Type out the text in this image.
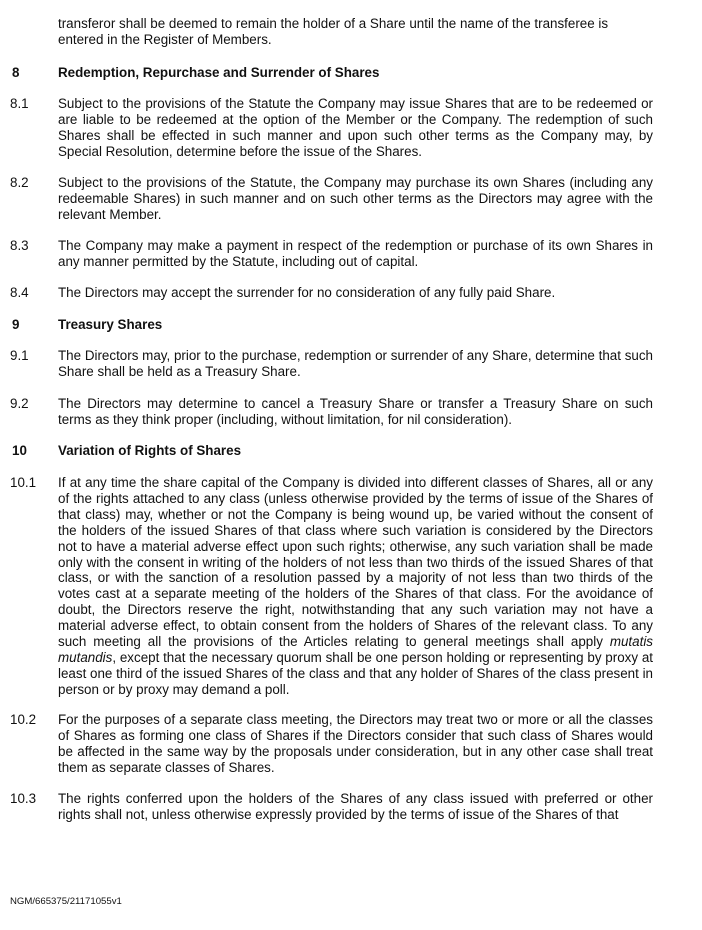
transferor shall be deemed to remain the holder of a Share until the name of the transferee is entered in the Register of Members.
8	Redemption, Repurchase and Surrender of Shares
8.1 Subject to the provisions of the Statute the Company may issue Shares that are to be redeemed or are liable to be redeemed at the option of the Member or the Company. The redemption of such Shares shall be effected in such manner and upon such other terms as the Company may, by Special Resolution, determine before the issue of the Shares.
8.2 Subject to the provisions of the Statute, the Company may purchase its own Shares (including any redeemable Shares) in such manner and on such other terms as the Directors may agree with the relevant Member.
8.3 The Company may make a payment in respect of the redemption or purchase of its own Shares in any manner permitted by the Statute, including out of capital.
8.4 The Directors may accept the surrender for no consideration of any fully paid Share.
9	Treasury Shares
9.1 The Directors may, prior to the purchase, redemption or surrender of any Share, determine that such Share shall be held as a Treasury Share.
9.2 The Directors may determine to cancel a Treasury Share or transfer a Treasury Share on such terms as they think proper (including, without limitation, for nil consideration).
10 Variation of Rights of Shares
10.1 If at any time the share capital of the Company is divided into different classes of Shares, all or any of the rights attached to any class (unless otherwise provided by the terms of issue of the Shares of that class) may, whether or not the Company is being wound up, be varied without the consent of the holders of the issued Shares of that class where such variation is considered by the Directors not to have a material adverse effect upon such rights; otherwise, any such variation shall be made only with the consent in writing of the holders of not less than two thirds of the issued Shares of that class, or with the sanction of a resolution passed by a majority of not less than two thirds of the votes cast at a separate meeting of the holders of the Shares of that class. For the avoidance of doubt, the Directors reserve the right, notwithstanding that any such variation may not have a material adverse effect, to obtain consent from the holders of Shares of the relevant class. To any such meeting all the provisions of the Articles relating to general meetings shall apply mutatis mutandis, except that the necessary quorum shall be one person holding or representing by proxy at least one third of the issued Shares of the class and that any holder of Shares of the class present in person or by proxy may demand a poll.
10.2 For the purposes of a separate class meeting, the Directors may treat two or more or all the classes of Shares as forming one class of Shares if the Directors consider that such class of Shares would be affected in the same way by the proposals under consideration, but in any other case shall treat them as separate classes of Shares.
10.3 The rights conferred upon the holders of the Shares of any class issued with preferred or other rights shall not, unless otherwise expressly provided by the terms of issue of the Shares of that
NGM/665375/21171055v1
